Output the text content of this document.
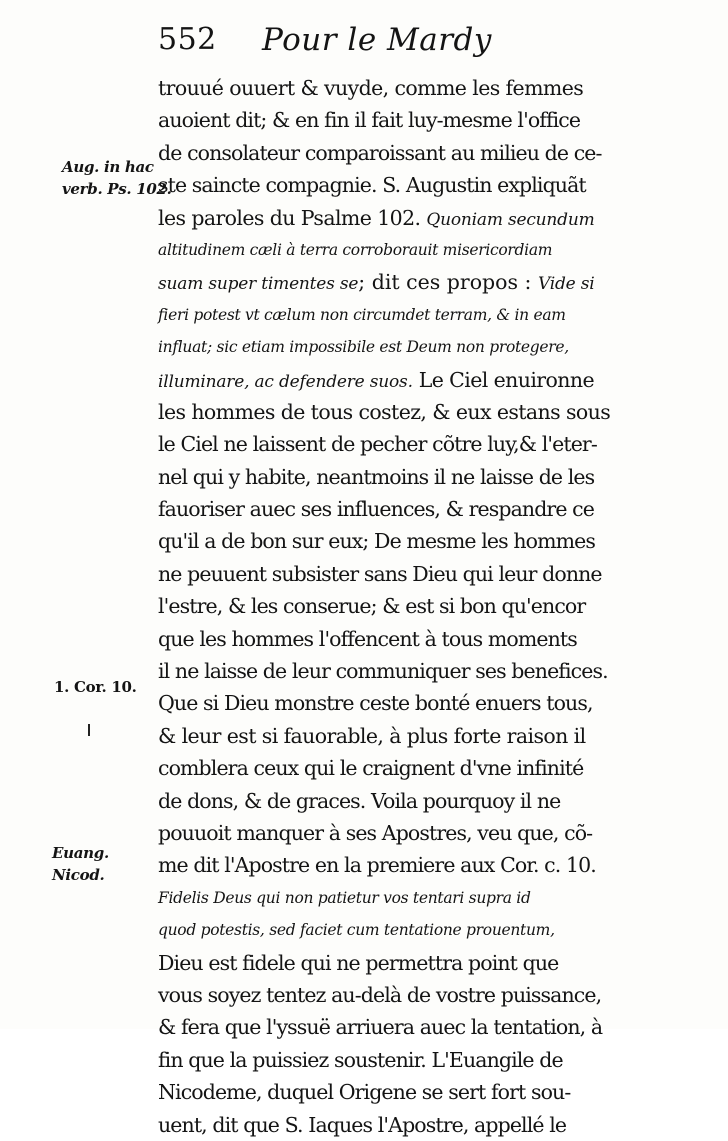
552 Pour le Mardy
Aug. in hac
verb. Ps. 102.
1. Cor. 10.
Euang.
Nicod.
trouué ouuert & vuyde, comme les femmes
auoient dit; & en fin il fait luy-mesme l'office
de consolateur comparoissant au milieu de ce-
ste saincte compagnie. S. Augustin expliquãt
les paroles du Psalme 102. Quoniam secundum
altitudinem cæli à terra corroborauit misericordiam
suam super timentes se; dit ces propos : Vide si
fieri potest vt cælum non circumdet terram, & in eam
influat; sic etiam impossibile est Deum non protegere,
illuminare, ac defendere suos. Le Ciel enuironne
les hommes de tous costez, & eux estans sous
le Ciel ne laissent de pecher cõtre luy,& l'eter-
nel qui y habite, neantmoins il ne laisse de les
fauoriser auec ses influences, & respandre ce
qu'il a de bon sur eux; De mesme les hommes
ne peuuent subsister sans Dieu qui leur donne
l'estre, & les conserue; & est si bon qu'encor
que les hommes l'offencent à tous moments
il ne laisse de leur communiquer ses benefices.
Que si Dieu monstre ceste bonté enuers tous,
& leur est si fauorable, à plus forte raison il
comblera ceux qui le craignent d'vne infinité
de dons, & de graces. Voila pourquoy il ne
pouuoit manquer à ses Apostres, veu que, cõ-
me dit l'Apostre en la premiere aux Cor. c. 10.
Fidelis Deus qui non patietur vos tentari supra id
quod potestis, sed faciet cum tentatione prouentum,
Dieu est fidele qui ne permettra point que
vous soyez tentez au-delà de vostre puissance,
& fera que l'yssuë arriuera auec la tentation, à
fin que la puissiez soustenir. L'Euangile de
Nicodeme, duquel Origene se sert fort sou-
uent, dit que S. Iaques l'Apostre, appellé le
